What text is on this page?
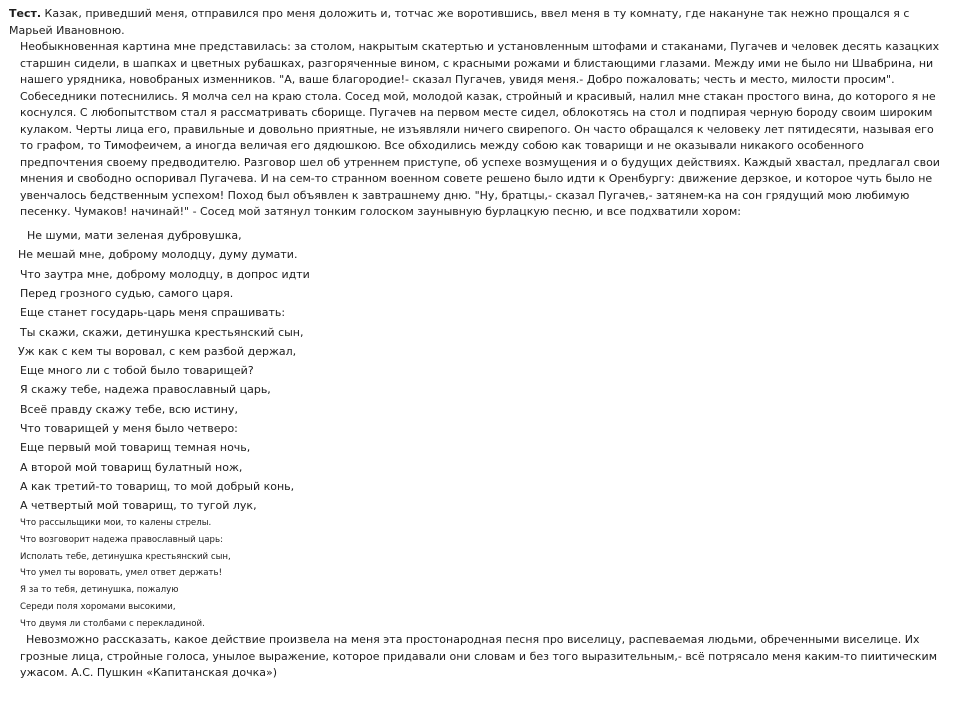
Тест. Казак, приведший меня, отправился про меня доложить и, тотчас же воротившись, ввел меня в ту комнату, где накануне так нежно прощался я с Марьей Ивановною.

Необыкновенная картина мне представилась: за столом, накрытым скатертью и установленным штофами и стаканами, Пугачев и человек десять казацких старшин сидели, в шапках и цветных рубашках, разгоряченные вином, с красными рожами и блистающими глазами. Между ими не было ни Швабрина, ни нашего урядника, новобраных изменников. "А, ваше благородие!- сказал Пугачев, увидя меня.- Добро пожаловать; честь и место, милости просим". Собеседники потеснились. Я молча сел на краю стола. Сосед мой, молодой казак, стройный и красивый, налил мне стакан простого вина, до которого я не коснулся. С любопытством стал я рассматривать сборище. Пугачев на первом месте сидел, облокотясь на стол и подпирая черную бороду своим широким кулаком. Черты лица его, правильные и довольно приятные, не изъявляли ничего свирепого. Он часто обращался к человеку лет пятидесяти, называя его то графом, то Тимофеичем, а иногда величая его дядюшкою. Все обходились между собою как товарищи и не оказывали никакого особенного предпочтения своему предводителю. Разговор шел об утреннем приступе, об успехе возмущения и о будущих действиях. Каждый хвастал, предлагал свои мнения и свободно оспоривал Пугачева. И на сем-то странном военном совете решено было идти к Оренбургу: движение дерзкое, и которое чуть было не увенчалось бедственным успехом! Поход был объявлен к завтрашнему дню. "Ну, братцы,- сказал Пугачев,- затянем-ка на сон грядущий мою любимую песенку. Чумаков! начинай!" - Сосед мой затянул тонким голоском заунывную бурлацкую песню, и все подхватили хором:

Не шуми, мати зеленая дубровушка,

Не мешай мне, доброму молодцу, думу думати.

Что заутра мне, доброму молодцу, в допрос идти

Перед грозного судью, самого царя.

Еще станет государь-царь меня спрашивать:

Ты скажи, скажи, детинушка крестьянский сын,

Уж как с кем ты воровал, с кем разбой держал,

Еще много ли с тобой было товарищей?

Я скажу тебе, надежа православный царь,

Всеё правду скажу тебе, всю истину,

Что товарищей у меня было четверо:

Еще первый мой товарищ темная ночь,

А второй мой товарищ булатный нож,

А как третий-то товарищ, то мой добрый конь,

А четвертый мой товарищ, то тугой лук,

Что рассыльщики мои, то калены стрелы.

Что возговорит надежа православный царь:

Исполать тебе, детинушка крестьянский сын,

Что умел ты воровать, умел ответ держать!

Я за то тебя, детинушка, пожалую

Середи поля хоромами высокими,

Что двумя ли столбами с перекладиной.

Невозможно рассказать, какое действие произвела на меня эта простонародная песня про виселицу, распеваемая людьми, обреченными виселице. Их грозные лица, стройные голоса, унылое выражение, которое придавали они словам и без того выразительным,- всё потрясало меня каким-то пиитическим ужасом. А.С. Пушкин «Капитанская дочка»)
